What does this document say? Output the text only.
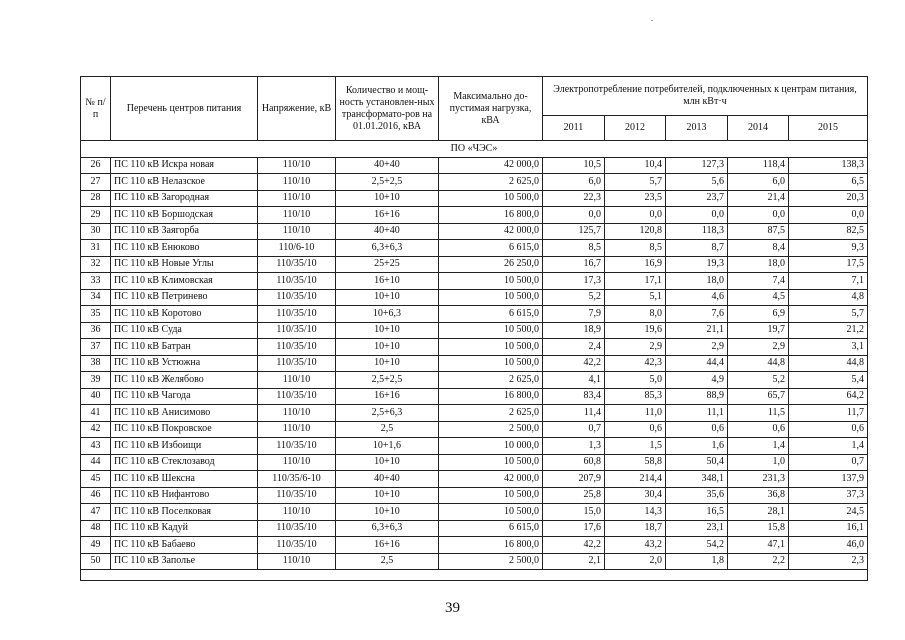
№ п/п	Перечень центров питания	Напряжение, кВ	Количество и мощ-ность установлен-ных трансформато-ров на 01.01.2016, кВА	Максимально до-пустимая нагрузка, кВА	Электропотребление потребителей, подключенных к центрам питания, млн кВт·ч				
					2011	2012	2013	2014	2015
ПО «ЧЭС»									
26	ПС 110 кВ Искра новая	110/10	40+40	42 000,0	10,5	10,4	127,3	118,4	138,3
27	ПС 110 кВ Нелазское	110/10	2,5+2,5	2 625,0	6,0	5,7	5,6	6,0	6,5
28	ПС 110 кВ Загородная	110/10	10+10	10 500,0	22,3	23,5	23,7	21,4	20,3
29	ПС 110 кВ Боршодская	110/10	16+16	16 800,0	0,0	0,0	0,0	0,0	0,0
30	ПС 110 кВ Заягорба	110/10	40+40	42 000,0	125,7	120,8	118,3	87,5	82,5
31	ПС 110 кВ Енюково	110/6-10	6,3+6,3	6 615,0	8,5	8,5	8,7	8,4	9,3
32	ПС 110 кВ Новые Углы	110/35/10	25+25	26 250,0	16,7	16,9	19,3	18,0	17,5
33	ПС 110 кВ Климовская	110/35/10	16+10	10 500,0	17,3	17,1	18,0	7,4	7,1
34	ПС 110 кВ Петринево	110/35/10	10+10	10 500,0	5,2	5,1	4,6	4,5	4,8
35	ПС 110 кВ Коротово	110/35/10	10+6,3	6 615,0	7,9	8,0	7,6	6,9	5,7
36	ПС 110 кВ Суда	110/35/10	10+10	10 500,0	18,9	19,6	21,1	19,7	21,2
37	ПС 110 кВ Батран	110/35/10	10+10	10 500,0	2,4	2,9	2,9	2,9	3,1
38	ПС 110 кВ Устюжна	110/35/10	10+10	10 500,0	42,2	42,3	44,4	44,8	44,8
39	ПС 110 кВ Желябово	110/10	2,5+2,5	2 625,0	4,1	5,0	4,9	5,2	5,4
40	ПС 110 кВ Чагода	110/35/10	16+16	16 800,0	83,4	85,3	88,9	65,7	64,2
41	ПС 110 кВ Анисимово	110/10	2,5+6,3	2 625,0	11,4	11,0	11,1	11,5	11,7
42	ПС 110 кВ Покровское	110/10	2,5	2 500,0	0,7	0,6	0,6	0,6	0,6
43	ПС 110 кВ Избоищи	110/35/10	10+1,6	10 000,0	1,3	1,5	1,6	1,4	1,4
44	ПС 110 кВ Стеклозавод	110/10	10+10	10 500,0	60,8	58,8	50,4	1,0	0,7
45	ПС 110 кВ Шексна	110/35/6-10	40+40	42 000,0	207,9	214,4	348,1	231,3	137,9
46	ПС 110 кВ Нифантово	110/35/10	10+10	10 500,0	25,8	30,4	35,6	36,8	37,3
47	ПС 110 кВ Поселковая	110/10	10+10	10 500,0	15,0	14,3	16,5	28,1	24,5
48	ПС 110 кВ Кадуй	110/35/10	6,3+6,3	6 615,0	17,6	18,7	23,1	15,8	16,1
49	ПС 110 кВ Бабаево	110/35/10	16+16	16 800,0	42,2	43,2	54,2	47,1	46,0
50	ПС 110 кВ Заполье	110/10	2,5	2 500,0	2,1	2,0	1,8	2,2	2,3

39
